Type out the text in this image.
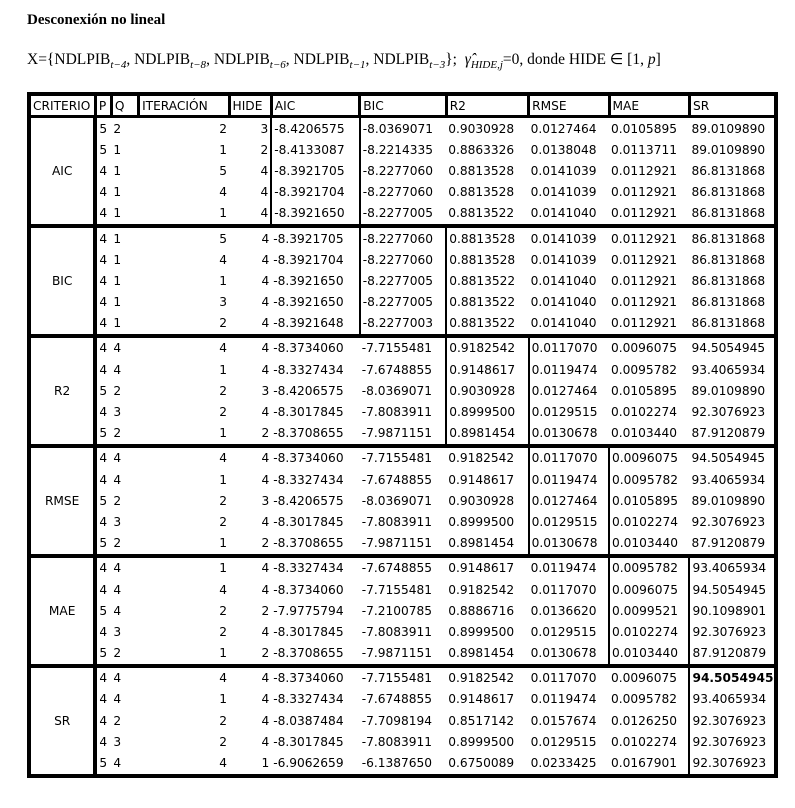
Desconexión no lineal
$X=\{NDLPIB_{t-4}$, $NDLPIB_{t-8}$, $NDLPIB_{t-6}$, $NDLPIB_{t-1}$, $NDLPIB_{t-3}$}; $\gammâ_{HIDE,j}=0$, donde HIDE ∈ [1, p]
CRITERIO	P	Q	ITERACIÓN	HIDE	AIC	BIC	R2	RMSE	MAE	SR
AIC	5	2	2	3	-8.4206575	-8.0369071	0.9030928	0.0127464	0.0105895	89.0109890
	5	1	1	2	-8.4133087	-8.2214335	0.8863326	0.0138048	0.0113711	89.0109890
	4	1	5	4	-8.3921705	-8.2277060	0.8813528	0.0141039	0.0112921	86.8131868
	4	1	4	4	-8.3921704	-8.2277060	0.8813528	0.0141039	0.0112921	86.8131868
	4	1	1	4	-8.3921650	-8.2277005	0.8813522	0.0141040	0.0112921	86.8131868
BIC	4	1	5	4	-8.3921705	-8.2277060	0.8813528	0.0141039	0.0112921	86.8131868
	4	1	4	4	-8.3921704	-8.2277060	0.8813528	0.0141039	0.0112921	86.8131868
	4	1	1	4	-8.3921650	-8.2277005	0.8813522	0.0141040	0.0112921	86.8131868
	4	1	3	4	-8.3921650	-8.2277005	0.8813522	0.0141040	0.0112921	86.8131868
	4	1	2	4	-8.3921648	-8.2277003	0.8813522	0.0141040	0.0112921	86.8131868
R2	4	4	4	4	-8.3734060	-7.7155481	0.9182542	0.0117070	0.0096075	94.5054945
	4	4	1	4	-8.3327434	-7.6748855	0.9148617	0.0119474	0.0095782	93.4065934
	5	2	2	3	-8.4206575	-8.0369071	0.9030928	0.0127464	0.0105895	89.0109890
	4	3	2	4	-8.3017845	-7.8083911	0.8999500	0.0129515	0.0102274	92.3076923
	5	2	1	2	-8.3708655	-7.9871151	0.8981454	0.0130678	0.0103440	87.9120879
RMSE	4	4	4	4	-8.3734060	-7.7155481	0.9182542	0.0117070	0.0096075	94.5054945
	4	4	1	4	-8.3327434	-7.6748855	0.9148617	0.0119474	0.0095782	93.4065934
	5	2	2	3	-8.4206575	-8.0369071	0.9030928	0.0127464	0.0105895	89.0109890
	4	3	2	4	-8.3017845	-7.8083911	0.8999500	0.0129515	0.0102274	92.3076923
	5	2	1	2	-8.3708655	-7.9871151	0.8981454	0.0130678	0.0103440	87.9120879
MAE	4	4	1	4	-8.3327434	-7.6748855	0.9148617	0.0119474	0.0095782	93.4065934
	4	4	4	4	-8.3734060	-7.7155481	0.9182542	0.0117070	0.0096075	94.5054945
	5	4	2	2	-7.9775794	-7.2100785	0.8886716	0.0136620	0.0099521	90.1098901
	4	3	2	4	-8.3017845	-7.8083911	0.8999500	0.0129515	0.0102274	92.3076923
	5	2	1	2	-8.3708655	-7.9871151	0.8981454	0.0130678	0.0103440	87.9120879
SR	4	4	4	4	-8.3734060	-7.7155481	0.9182542	0.0117070	0.0096075	94.5054945
	4	4	1	4	-8.3327434	-7.6748855	0.9148617	0.0119474	0.0095782	93.4065934
	4	2	2	4	-8.0387484	-7.7098194	0.8517142	0.0157674	0.0126250	92.3076923
	4	3	2	4	-8.3017845	-7.8083911	0.8999500	0.0129515	0.0102274	92.3076923
	5	4	4	1	-6.9062659	-6.1387650	0.6750089	0.0233425	0.0167901	92.3076923
